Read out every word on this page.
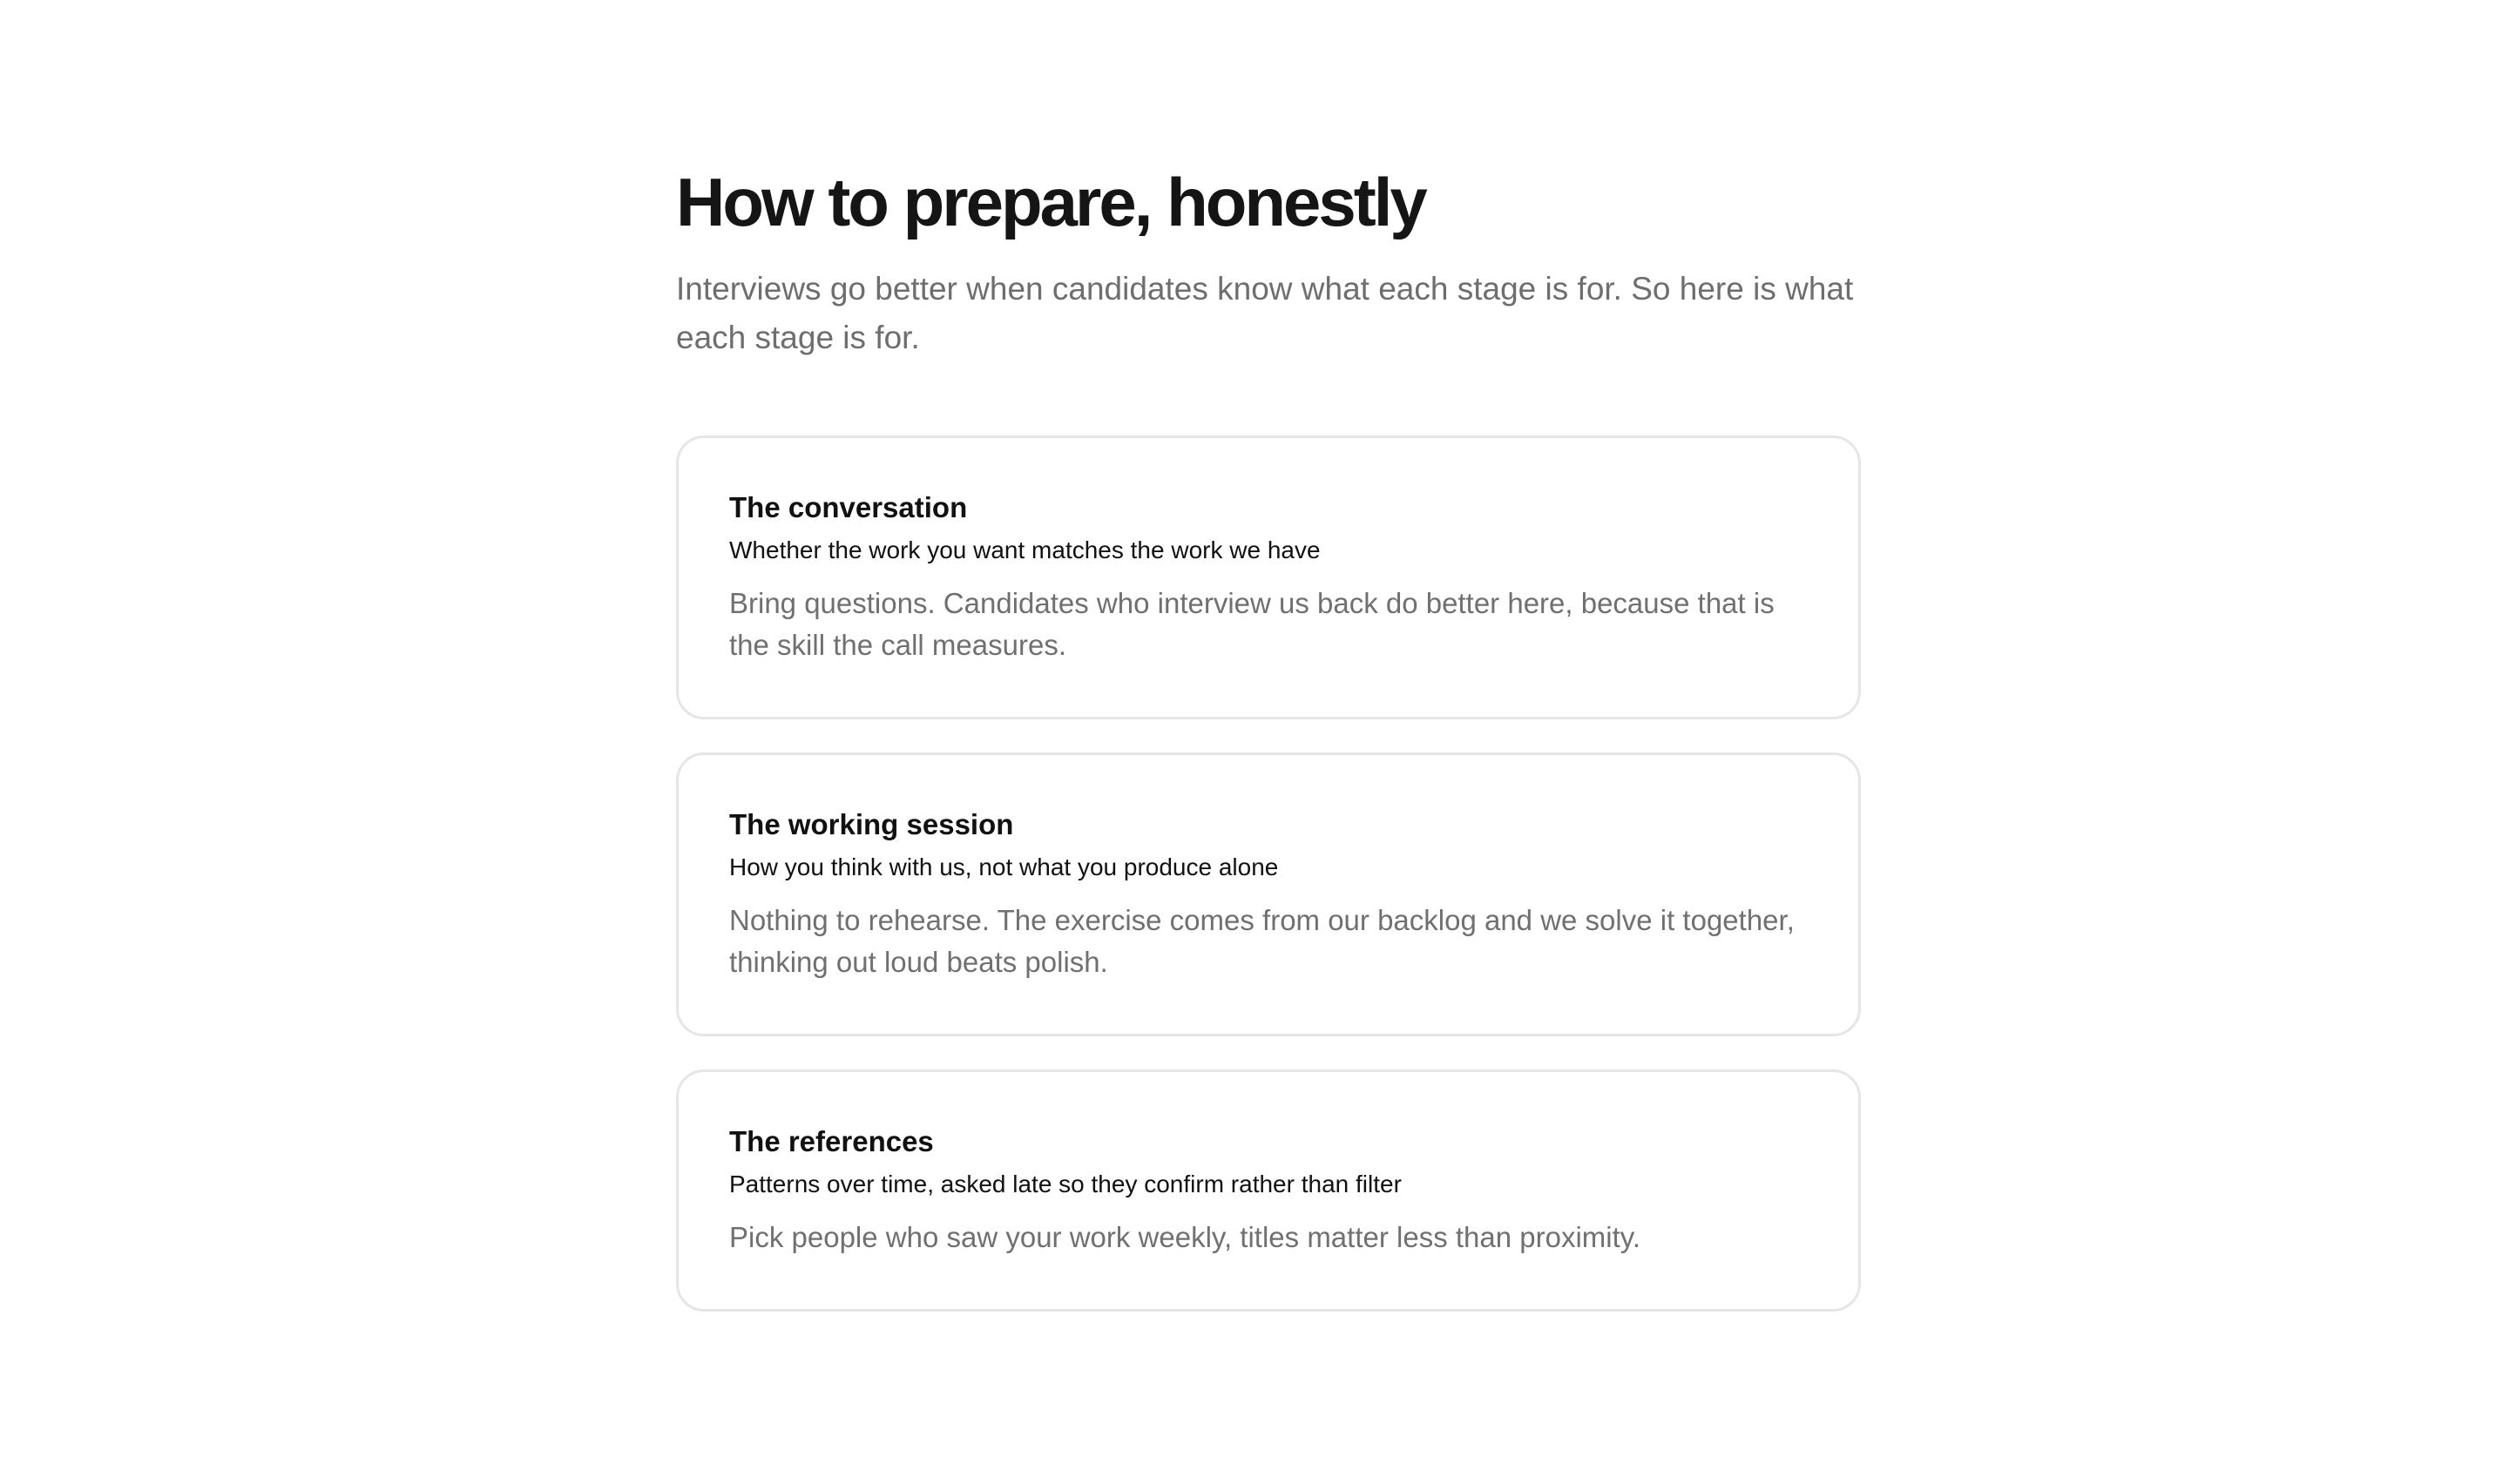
How to prepare, honestly

Interviews go better when candidates know what each stage is for. So here is what each stage is for.

The conversation

Whether the work you want matches the work we have

Bring questions. Candidates who interview us back do better here, because that is the skill the call measures.

The working session

How you think with us, not what you produce alone

Nothing to rehearse. The exercise comes from our backlog and we solve it together, thinking out loud beats polish.

The references

Patterns over time, asked late so they confirm rather than filter

Pick people who saw your work weekly, titles matter less than proximity.
